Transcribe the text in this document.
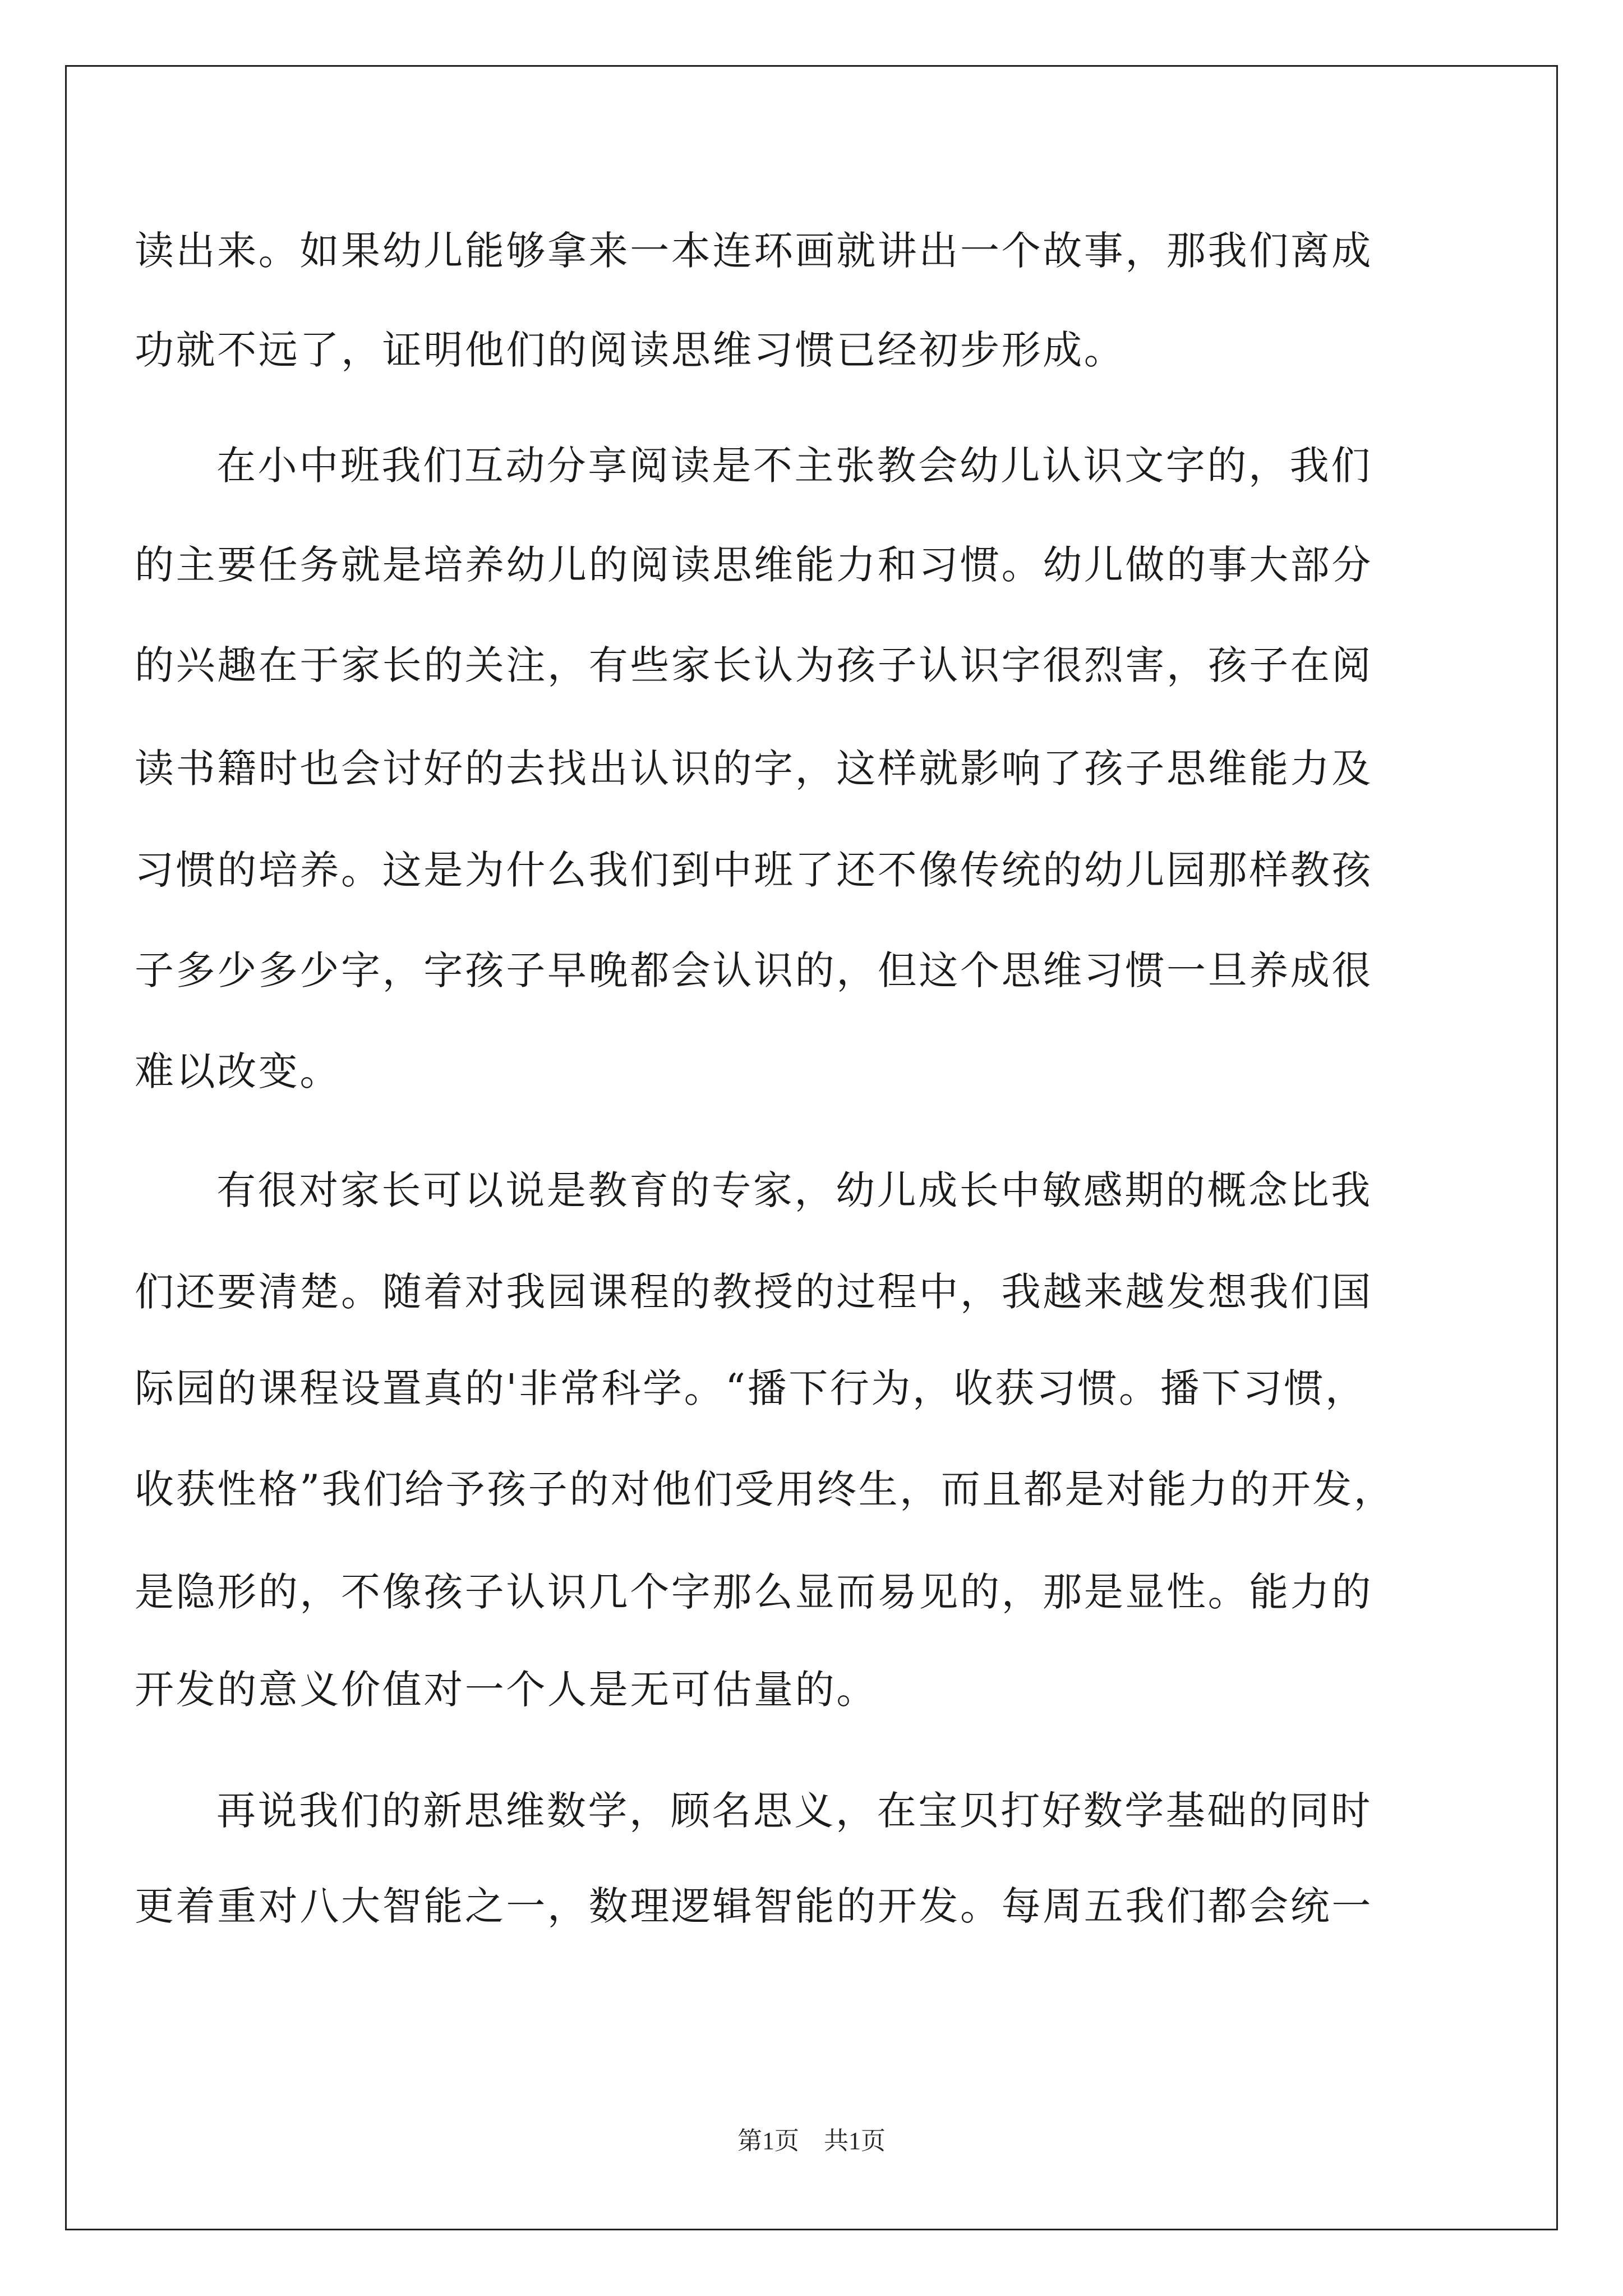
读出来。如果幼儿能够拿来一本连环画就讲出一个故事，那我们离成
功就不远了，证明他们的阅读思维习惯已经初步形成。
在小中班我们互动分享阅读是不主张教会幼儿认识文字的，我们
的主要任务就是培养幼儿的阅读思维能力和习惯。幼儿做的事大部分
的兴趣在于家长的关注，有些家长认为孩子认识字很烈害，孩子在阅
读书籍时也会讨好的去找出认识的字，这样就影响了孩子思维能力及
习惯的培养。这是为什么我们到中班了还不像传统的幼儿园那样教孩
子多少多少字，字孩子早晚都会认识的，但这个思维习惯一旦养成很
难以改变。
有很对家长可以说是教育的专家，幼儿成长中敏感期的概念比我
们还要清楚。随着对我园课程的教授的过程中，我越来越发想我们国
际园的课程设置真的'非常科学。“播下行为，收获习惯。播下习惯，
收获性格”我们给予孩子的对他们受用终生，而且都是对能力的开发，
是隐形的，不像孩子认识几个字那么显而易见的，那是显性。能力的
开发的意义价值对一个人是无可估量的。
再说我们的新思维数学，顾名思义，在宝贝打好数学基础的同时
更着重对八大智能之一，数理逻辑智能的开发。每周五我们都会统一
第1页　共1页
